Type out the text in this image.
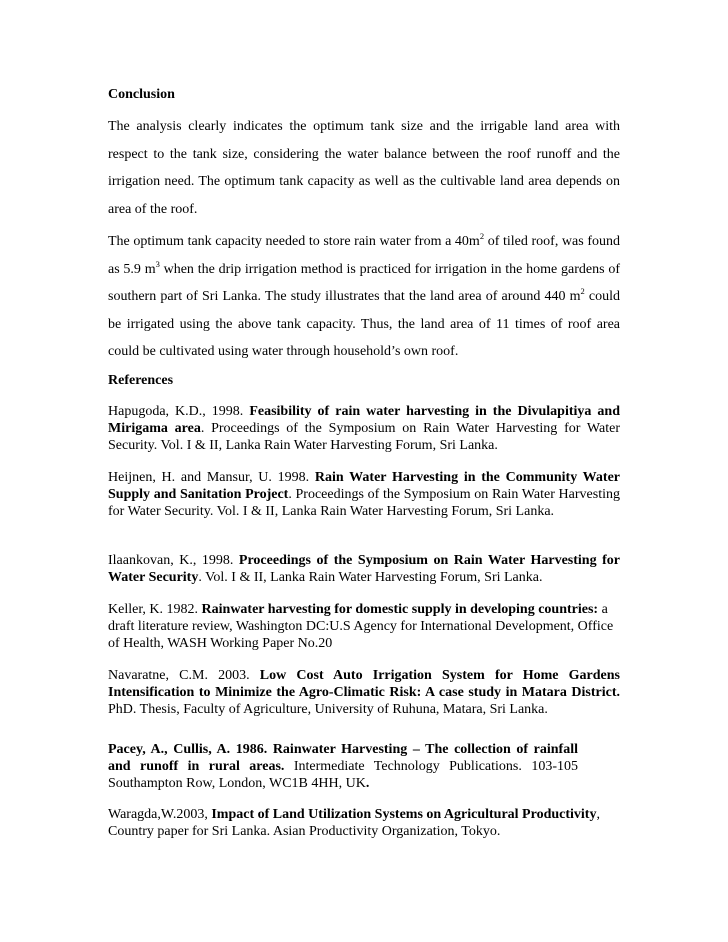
Conclusion

The analysis clearly indicates the optimum tank size and the irrigable land area with respect to the tank size, considering the water balance between the roof runoff and the irrigation need. The optimum tank capacity as well as the cultivable land area depends on area of the roof.

The optimum tank capacity needed to store rain water from a $40m^2$ of tiled roof, was found as 5.9 $m^3$ when the drip irrigation method is practiced for irrigation in the home gardens of southern part of Sri Lanka. The study illustrates that the land area of around 440 $m^2$ could be irrigated using the above tank capacity. Thus, the land area of 11 times of roof area could be cultivated using water through household’s own roof.

References

Hapugoda, K.D., 1998. Feasibility of rain water harvesting in the Divulapitiya and Mirigama area. Proceedings of the Symposium on Rain Water Harvesting for Water Security. Vol. I & II, Lanka Rain Water Harvesting Forum, Sri Lanka.

Heijnen, H. and Mansur, U. 1998. Rain Water Harvesting in the Community Water Supply and Sanitation Project. Proceedings of the Symposium on Rain Water Harvesting for Water Security. Vol. I & II, Lanka Rain Water Harvesting Forum, Sri Lanka.

Ilaankovan, K., 1998. Proceedings of the Symposium on Rain Water Harvesting for Water Security. Vol. I & II, Lanka Rain Water Harvesting Forum, Sri Lanka.

Keller, K. 1982. Rainwater harvesting for domestic supply in developing countries: a draft literature review, Washington DC:U.S Agency for International Development, Office of Health, WASH Working Paper No.20

Navaratne, C.M. 2003. Low Cost Auto Irrigation System for Home Gardens Intensification to Minimize the Agro-Climatic Risk: A case study in Matara District. PhD. Thesis, Faculty of Agriculture, University of Ruhuna, Matara, Sri Lanka.

Pacey, A., Cullis, A. 1986. Rainwater Harvesting – The collection of rainfall and runoff in rural areas. Intermediate Technology Publications. 103-105 Southampton Row, London, WC1B 4HH, UK.

Waragda,W.2003, Impact of Land Utilization Systems on Agricultural Productivity, Country paper for Sri Lanka. Asian Productivity Organization, Tokyo.
